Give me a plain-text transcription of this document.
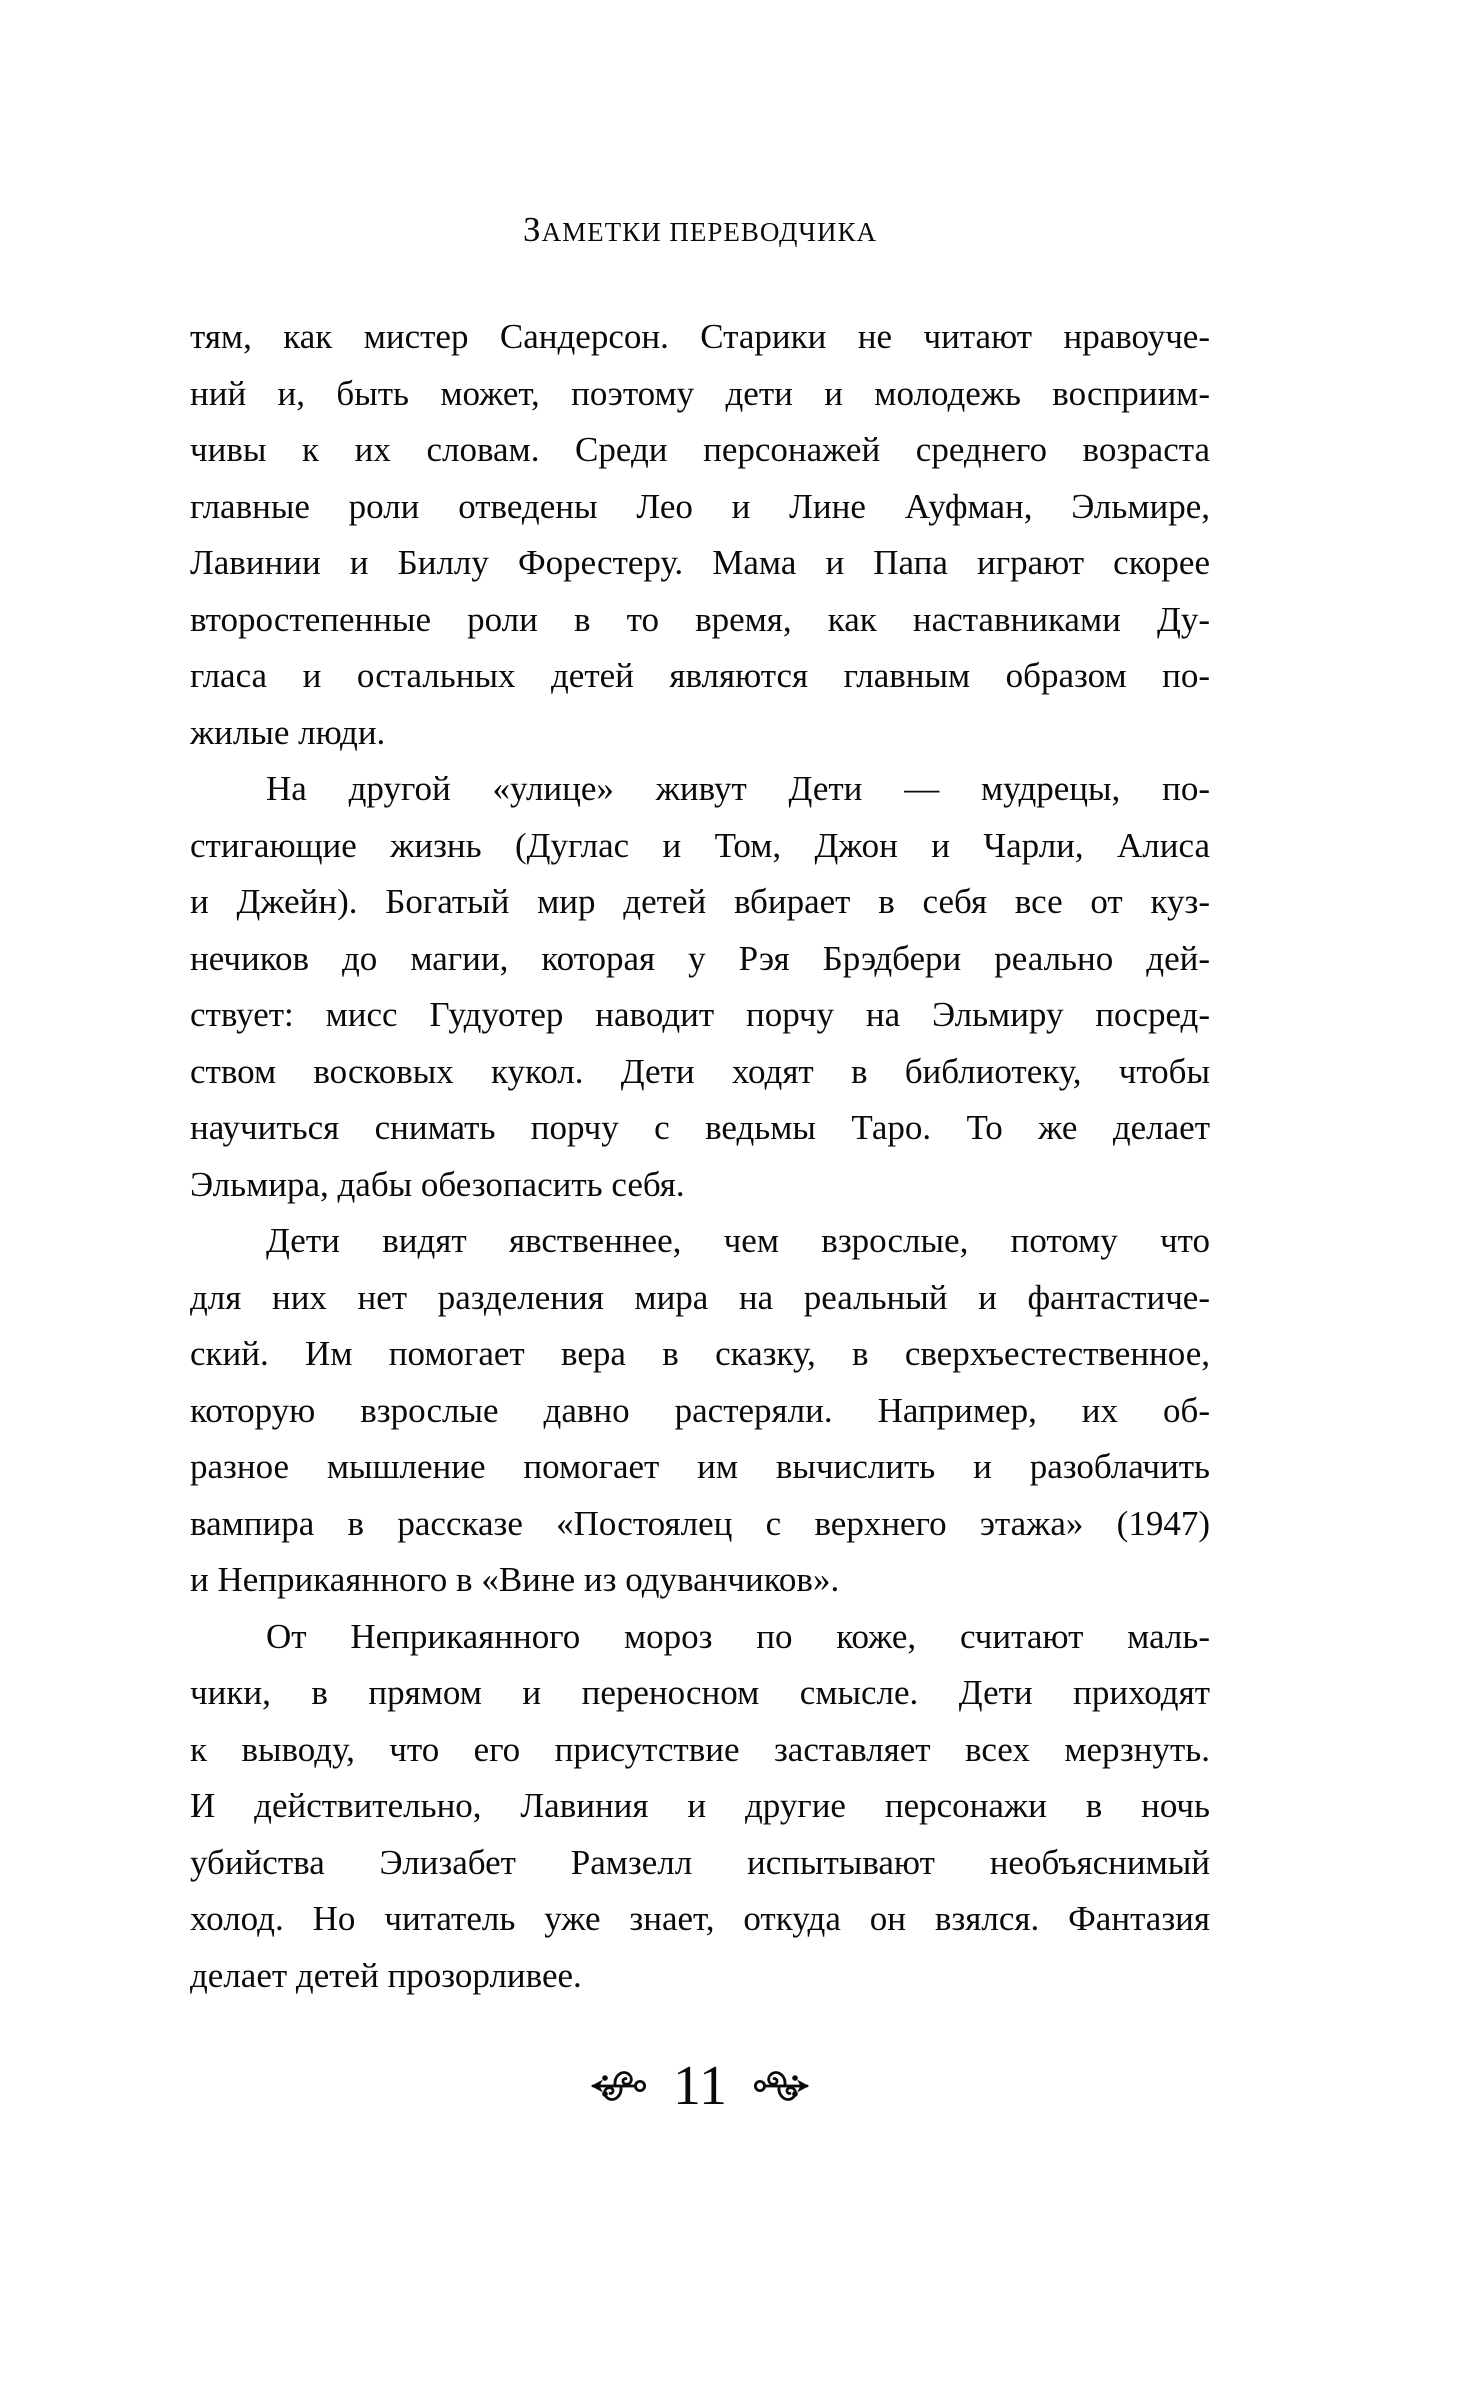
ЗАМЕТКИ ПЕРЕВОДЧИКА
тям, как мистер Сандерсон. Старики не читают нравоуче-
ний и, быть может, поэтому дети и молодежь восприим-
чивы к их словам. Среди персонажей среднего возраста
главные роли отведены Лео и Лине Ауфман, Эльмире,
Лавинии и Биллу Форестеру. Мама и Папа играют скорее
второстепенные роли в то время, как наставниками Ду-
гласа и остальных детей являются главным образом по-
жилые люди.
На другой «улице» живут Дети — мудрецы, по-
стигающие жизнь (Дуглас и Том, Джон и Чарли, Алиса
и Джейн). Богатый мир детей вбирает в себя все от куз-
нечиков до магии, которая у Рэя Брэдбери реально дей-
ствует: мисс Гудуотер наводит порчу на Эльмиру посред-
ством восковых кукол. Дети ходят в библиотеку, чтобы
научиться снимать порчу с ведьмы Таро. То же делает
Эльмира, дабы обезопасить себя.
Дети видят явственнее, чем взрослые, потому что
для них нет разделения мира на реальный и фантастиче-
ский. Им помогает вера в сказку, в сверхъестественное,
которую взрослые давно растеряли. Например, их об-
разное мышление помогает им вычислить и разоблачить
вампира в рассказе «Постоялец с верхнего этажа» (1947)
и Неприкаянного в «Вине из одуванчиков».
От Неприкаянного мороз по коже, считают маль-
чики, в прямом и переносном смысле. Дети приходят
к выводу, что его присутствие заставляет всех мерзнуть.
И действительно, Лавиния и другие персонажи в ночь
убийства Элизабет Рамзелл испытывают необъяснимый
холод. Но читатель уже знает, откуда он взялся. Фантазия
делает детей прозорливее.
11
